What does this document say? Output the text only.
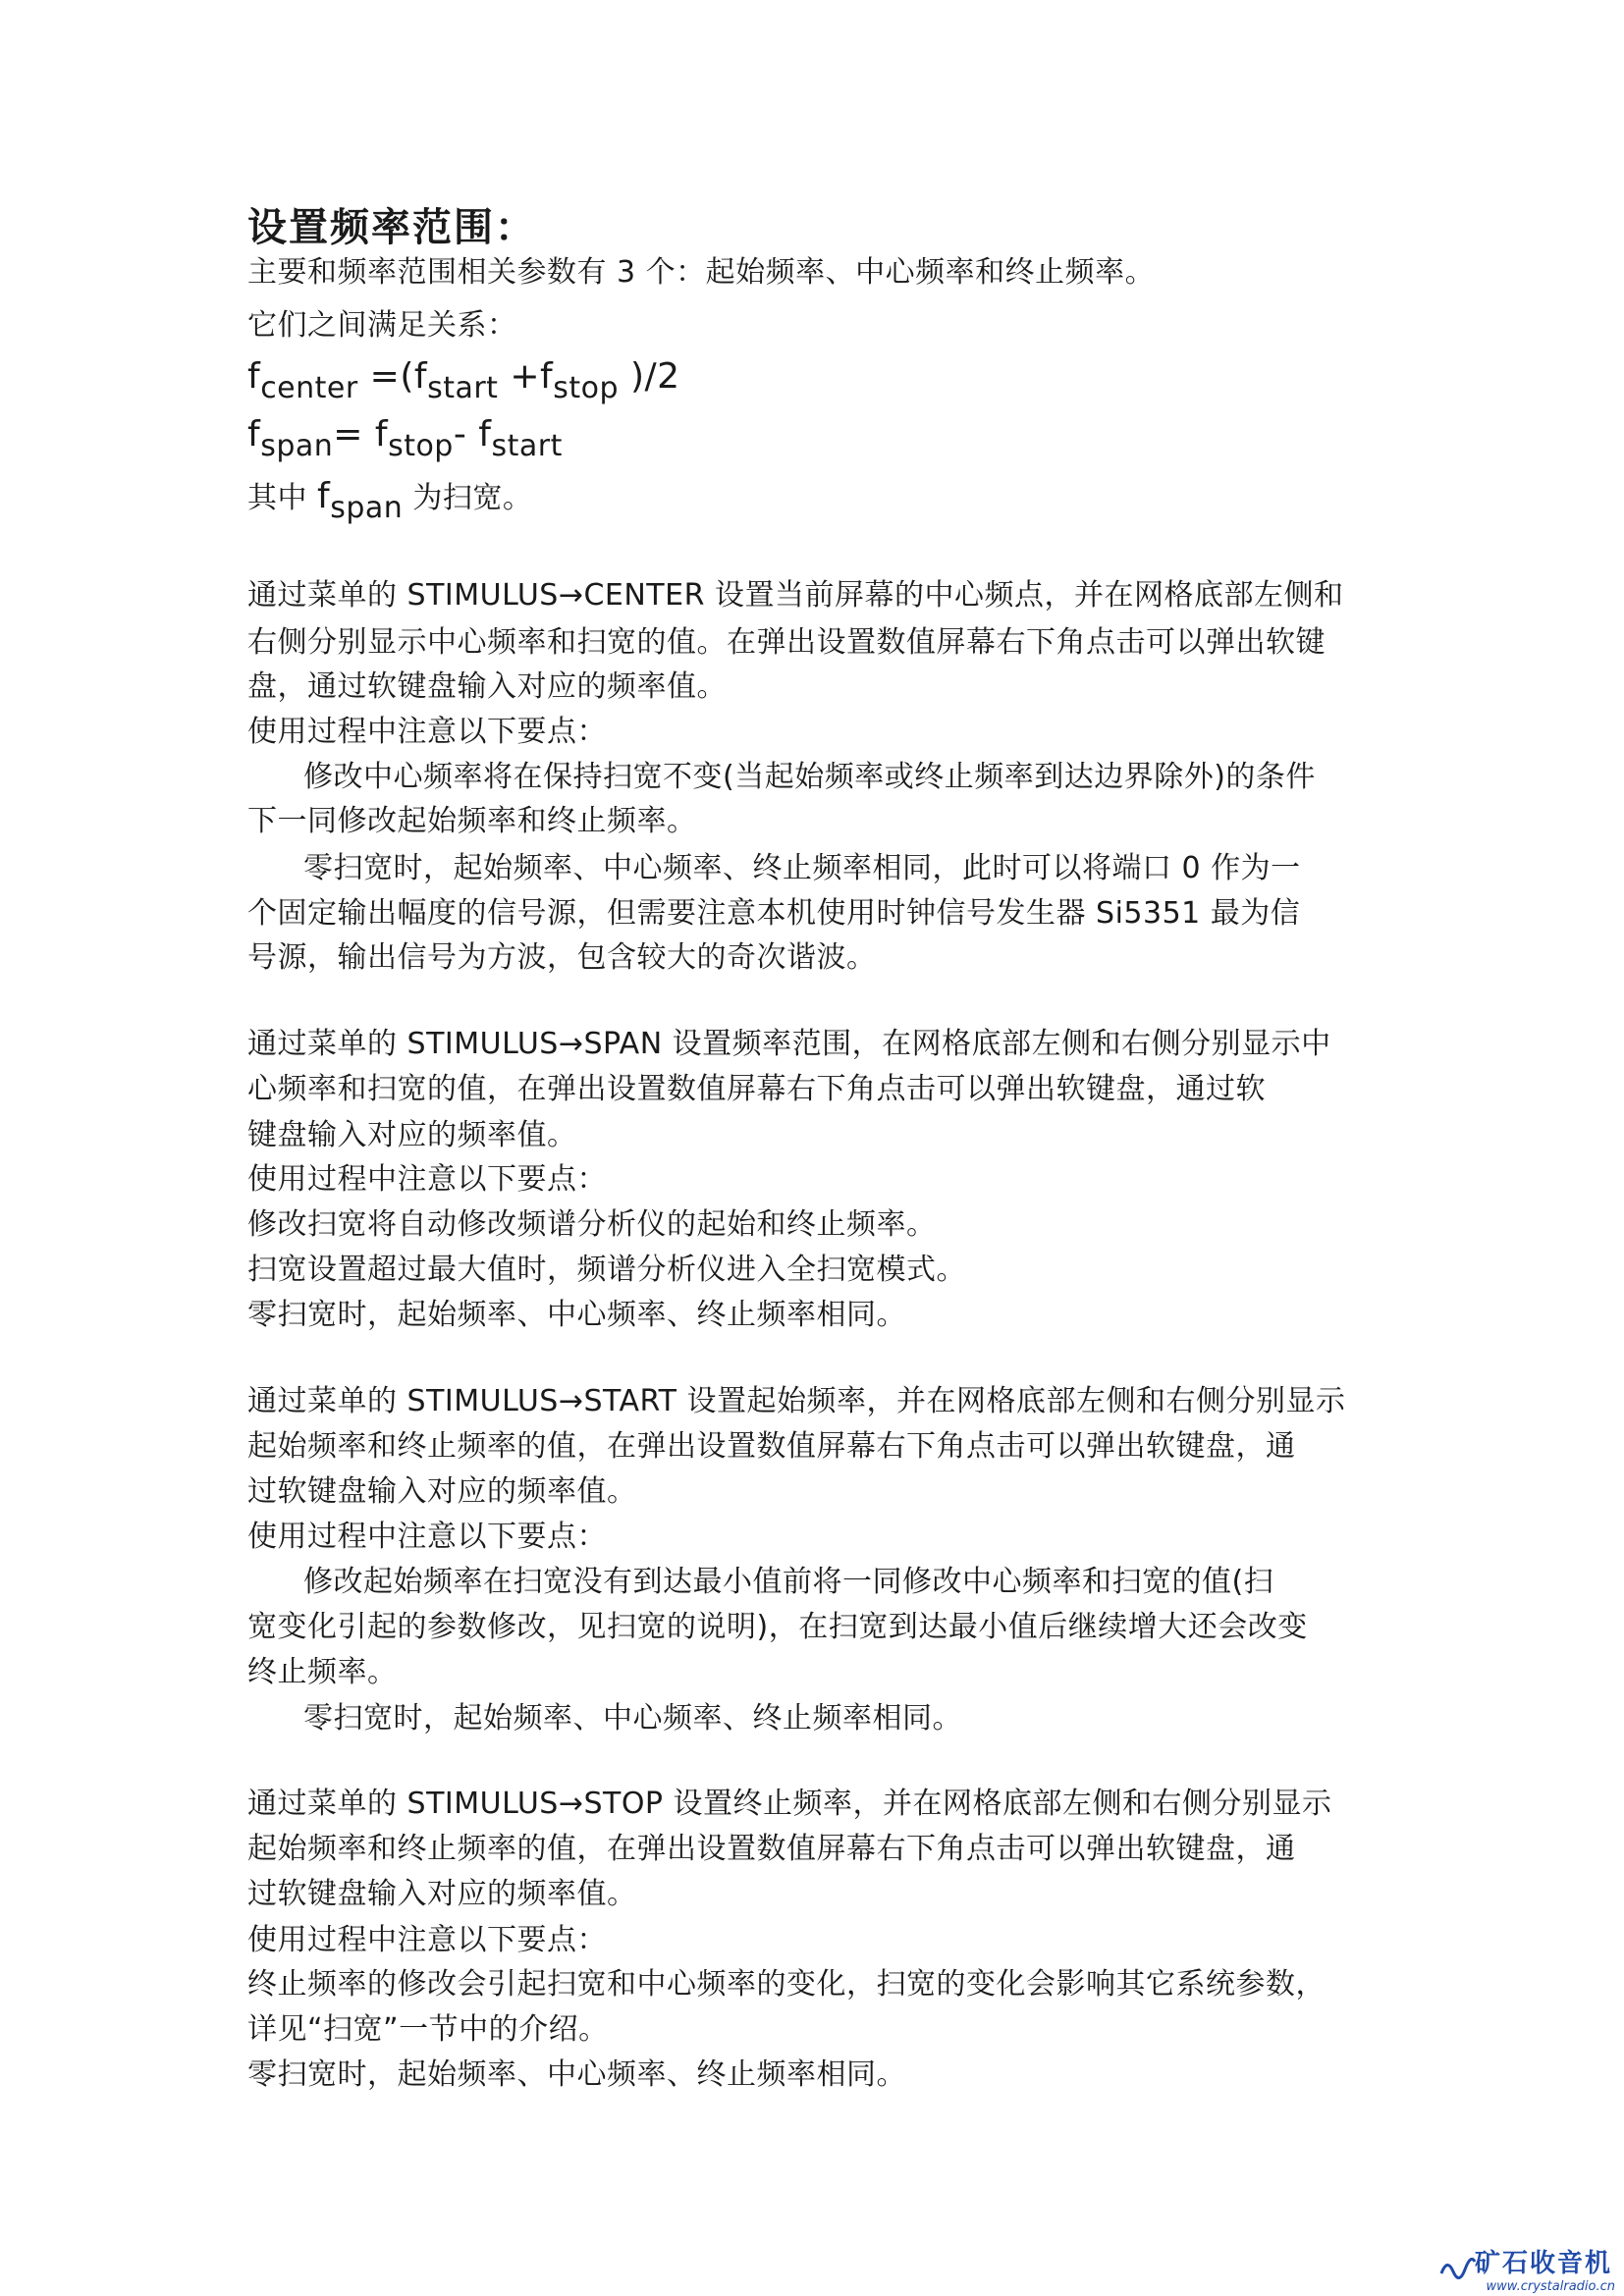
设置频率范围：
主要和频率范围相关参数有 3 个：起始频率、中心频率和终止频率。
它们之间满足关系：
$f_{center} =(f_{start} +f_{stop}$ )/2
$f_{span}= f_{stop}-$ $f_{start}$
其中 fspan 为扫宽。
通过菜单的 STIMULUS→CENTER 设置当前屏幕的中心频点，并在网格底部左侧和
右侧分别显示中心频率和扫宽的值。在弹出设置数值屏幕右下角点击可以弹出软键
盘，通过软键盘输入对应的频率值。
使用过程中注意以下要点：
修改中心频率将在保持扫宽不变(当起始频率或终止频率到达边界除外)的条件
下一同修改起始频率和终止频率。
零扫宽时，起始频率、中心频率、终止频率相同，此时可以将端口 0 作为一
个固定输出幅度的信号源，但需要注意本机使用时钟信号发生器 Si5351 最为信
号源，输出信号为方波，包含较大的奇次谐波。
通过菜单的 STIMULUS→SPAN 设置频率范围，在网格底部左侧和右侧分别显示中
心频率和扫宽的值，在弹出设置数值屏幕右下角点击可以弹出软键盘，通过软
键盘输入对应的频率值。
使用过程中注意以下要点：
修改扫宽将自动修改频谱分析仪的起始和终止频率。
扫宽设置超过最大值时，频谱分析仪进入全扫宽模式。
零扫宽时，起始频率、中心频率、终止频率相同。
通过菜单的 STIMULUS→START 设置起始频率，并在网格底部左侧和右侧分别显示
起始频率和终止频率的值，在弹出设置数值屏幕右下角点击可以弹出软键盘，通
过软键盘输入对应的频率值。
使用过程中注意以下要点：
修改起始频率在扫宽没有到达最小值前将一同修改中心频率和扫宽的值(扫
宽变化引起的参数修改，见扫宽的说明)，在扫宽到达最小值后继续增大还会改变
终止频率。
零扫宽时，起始频率、中心频率、终止频率相同。
通过菜单的 STIMULUS→STOP 设置终止频率，并在网格底部左侧和右侧分别显示
起始频率和终止频率的值，在弹出设置数值屏幕右下角点击可以弹出软键盘，通
过软键盘输入对应的频率值。
使用过程中注意以下要点：
终止频率的修改会引起扫宽和中心频率的变化，扫宽的变化会影响其它系统参数，
详见“扫宽”一节中的介绍。
零扫宽时，起始频率、中心频率、终止频率相同。
矿石收音机
www.crystalradio.cn
